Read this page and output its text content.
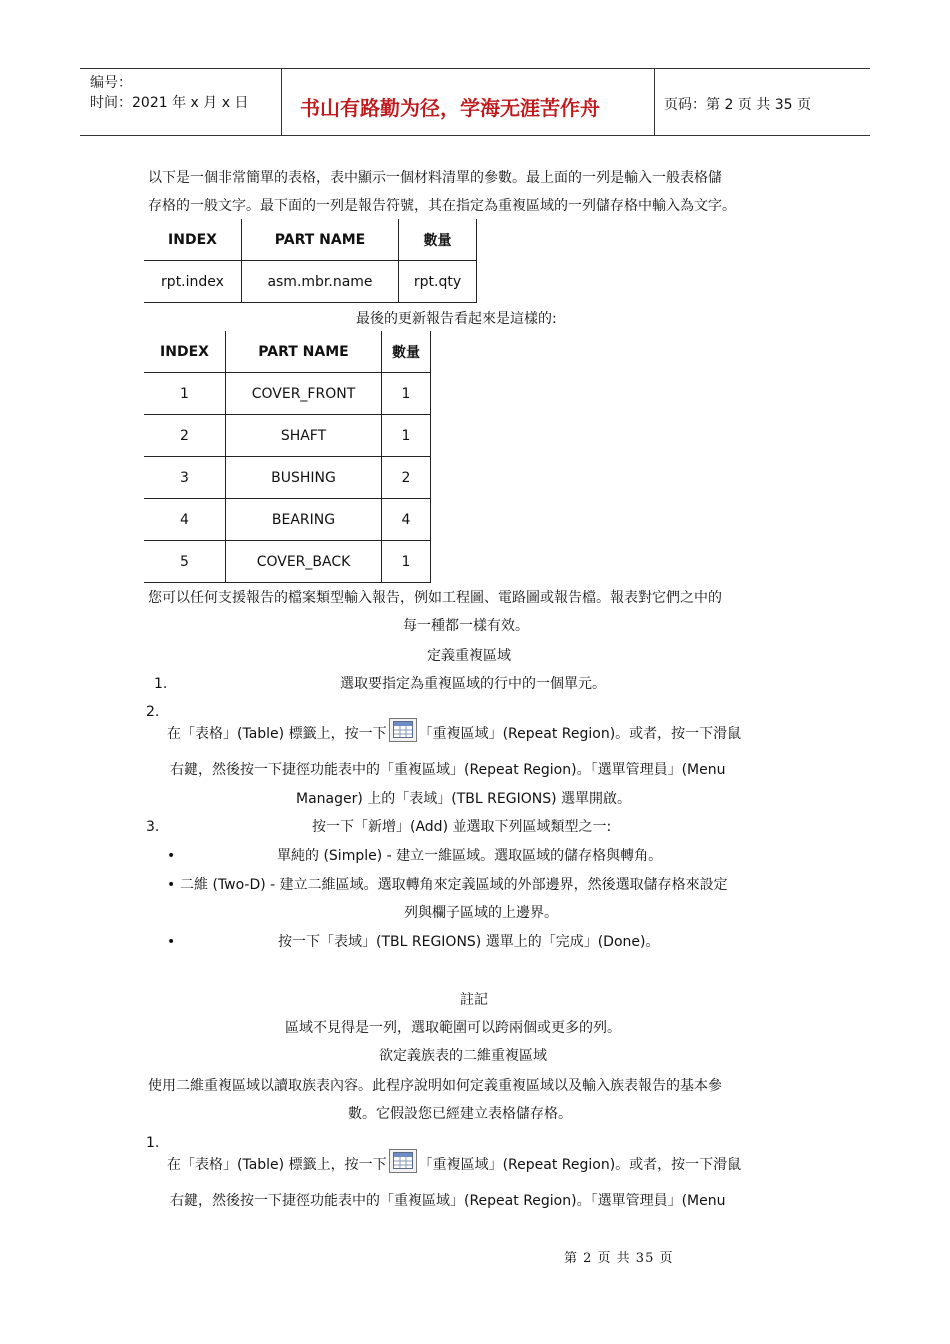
编号：
时间：2021 年 x 月 x 日	书山有路勤为径，学海无涯苦作舟	页码：第 2 页 共 35 页
以下是一個非常簡單的表格，表中顯示一個材料清單的參數。最上面的一列是輸入一般表格儲
存格的一般文字。最下面的一列是報告符號，其在指定為重複區域的一列儲存格中輸入為文字。
INDEX	PART NAME	數量
rpt.index	asm.mbr.name	rpt.qty
最後的更新報告看起來是這樣的:
INDEX	PART NAME	數量
1	COVER_FRONT	1
2	SHAFT	1
3	BUSHING	2
4	BEARING	4
5	COVER_BACK	1
您可以任何支援報告的檔案類型輸入報告，例如工程圖、電路圖或報告檔。報表對它們之中的
每一種都一樣有效。
定義重複區域
1.	選取要指定為重複區域的行中的一個單元。
2.
在「表格」(Table) 標籤上，按一下 「重複區域」(Repeat Region)。或者，按一下滑鼠
右鍵，然後按一下捷徑功能表中的「重複區域」(Repeat Region)。「選單管理員」(Menu
Manager) 上的「表域」(TBL REGIONS) 選單開啟。
3.	按一下「新增」(Add) 並選取下列區域類型之一:
•	單純的 (Simple) - 建立一維區域。選取區域的儲存格與轉角。
• 二維 (Two-D) - 建立二維區域。選取轉角來定義區域的外部邊界，然後選取儲存格來設定
列與欄子區域的上邊界。
•	按一下「表域」(TBL REGIONS) 選單上的「完成」(Done)。
註記
區域不見得是一列，選取範圍可以跨兩個或更多的列。
欲定義族表的二維重複區域
使用二維重複區域以讀取族表內容。此程序說明如何定義重複區域以及輸入族表報告的基本參
數。它假設您已經建立表格儲存格。
1.
在「表格」(Table) 標籤上，按一下 「重複區域」(Repeat Region)。或者，按一下滑鼠
右鍵，然後按一下捷徑功能表中的「重複區域」(Repeat Region)。「選單管理員」(Menu
第 2 页 共 35 页
